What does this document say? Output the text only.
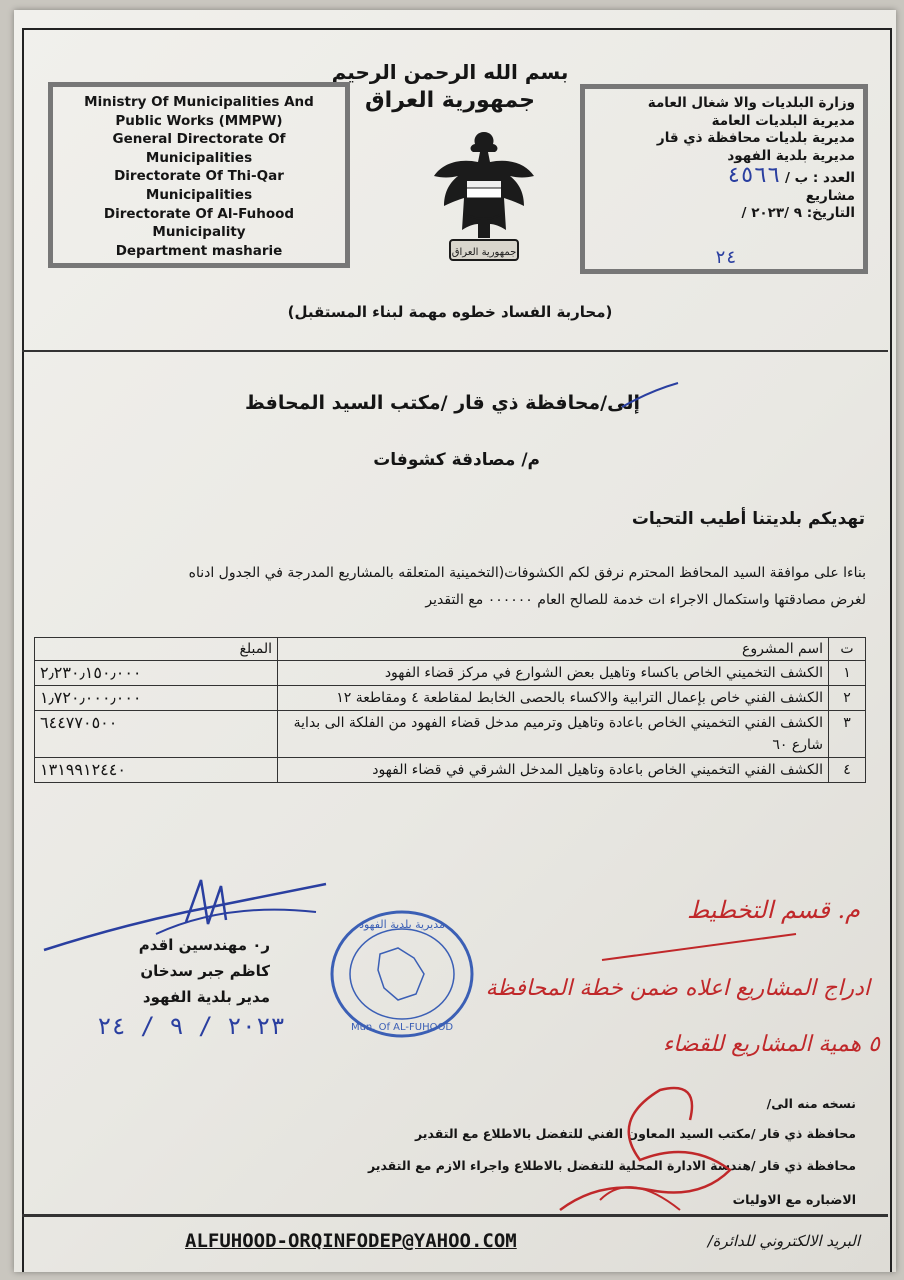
بسم الله الرحمن الرحيم
جمهورية العراق
جمهورية العراق
Ministry Of Municipalities And
Public Works (MMPW)
General Directorate Of
Municipalities
Directorate Of Thi-Qar
Municipalities
Directorate Of Al-Fuhood
Municipality
Department masharie
وزارة البلديات والا شغال العامة
مديرية البلديات العامة
مديرية بلديات محافظة ذي قار
مديرية بلدية الفهود
العدد : ب / ٤٥٦٦
مشاريع
التاريخ: / ٩ /٢٠٢٣
٢٤
(محاربة الفساد خطوه مهمة لبناء المستقبل)
إلى/محافظة ذي قار /مكتب السيد المحافظ
م/ مصادقة كشوفات
تهديكم بلديتنا أطيب التحيات
بناءا على موافقة السيد المحافظ المحترم نرفق لكم الكشوفات(التخمينية المتعلقه بالمشاريع المدرجة في الجدول ادناه
لغرض مصادقتها واستكمال الاجراء ات خدمة للصالح العام ٠٠٠٠٠٠ مع التقدير
ت	اسم المشروع	المبلغ
١	الكشف التخميني الخاص باكساء وتاهيل بعض الشوارع في مركز قضاء الفهود	٢٫٢٣٠٫١٥٠٫٠٠٠
٢	الكشف الفني خاص بإعمال الترابية والاكساء بالحصى الخابط لمقاطعة ٤ ومقاطعة ١٢	١٫٧٢٠٫٠٠٠٫٠٠٠
٣	الكشف الفني التخميني الخاص باعادة وتاهيل وترميم مدخل قضاء الفهود من الفلكة الى بداية شارع ٦٠	٦٤٤٧٧٠٥٠٠
٤	الكشف الفني التخميني الخاص باعادة وتاهيل المدخل الشرقي في قضاء الفهود	١٣١٩٩١٢٤٤٠
ر٠ مهندسين اقدم
كاظم جبر سدخان
مدير بلدية الفهود
٢٠٢٣ / ٩ / ٢٤
مديرية بلدية الفهود
Mun. Of AL-FUHOOD
م. قسم التخطيط
ادراج المشاريع اعلاه ضمن خطة المحافظة
٥ همية المشاريع للقضاء
نسخه منه الى/
محافظة ذي قار /مكتب السيد المعاون الفني للتفضل بالاطلاع مع التقدير
محافظة ذي قار /هندسة الادارة المحلية للتفضل بالاطلاع واجراء الازم مع التقدير
الاضباره مع الاوليات
البريد الالكتروني للدائرة/
ALFUHOOD-ORQINFODEP@YAHOO.COM
